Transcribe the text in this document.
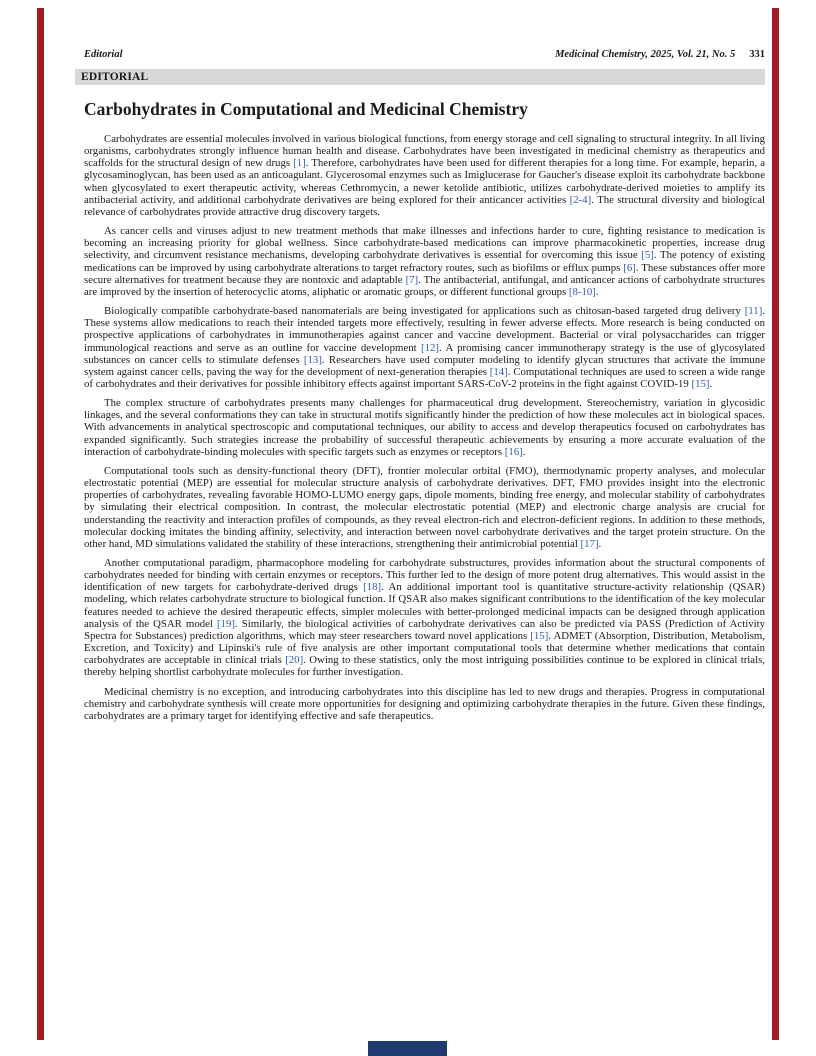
Editorial	Medicinal Chemistry, 2025, Vol. 21, No. 5 331
EDITORIAL
Carbohydrates in Computational and Medicinal Chemistry

Carbohydrates are essential molecules involved in various biological functions, from energy storage and cell signaling to structural integrity. In all living organisms, carbohydrates strongly influence human health and disease. Carbohydrates have been investigated in medicinal chemistry as therapeutics and scaffolds for the structural design of new drugs [1]. Therefore, carbohydrates have been used for different therapies for a long time. For example, heparin, a glycosaminoglycan, has been used as an anticoagulant. Glycerosomal enzymes such as Imiglucerase for Gaucher's disease exploit its carbohydrate backbone when glycosylated to exert therapeutic activity, whereas Cethromycin, a newer ketolide antibiotic, utilizes carbohydrate-derived moieties to amplify its antibacterial activity, and additional carbohydrate derivatives are being explored for their anticancer activities [2-4]. The structural diversity and biological relevance of carbohydrates provide attractive drug discovery targets.

As cancer cells and viruses adjust to new treatment methods that make illnesses and infections harder to cure, fighting resistance to medication is becoming an increasing priority for global wellness. Since carbohydrate-based medications can improve pharmacokinetic properties, increase drug selectivity, and circumvent resistance mechanisms, developing carbohydrate derivatives is essential for overcoming this issue [5]. The potency of existing medications can be improved by using carbohydrate alterations to target refractory routes, such as biofilms or efflux pumps [6]. These substances offer more secure alternatives for treatment because they are nontoxic and adaptable [7]. The antibacterial, antifungal, and anticancer actions of carbohydrate structures are improved by the insertion of heterocyclic atoms, aliphatic or aromatic groups, or different functional groups [8-10].

Biologically compatible carbohydrate-based nanomaterials are being investigated for applications such as chitosan-based targeted drug delivery [11]. These systems allow medications to reach their intended targets more effectively, resulting in fewer adverse effects. More research is being conducted on prospective applications of carbohydrates in immunotherapies against cancer and vaccine development. Bacterial or viral polysaccharides can trigger immunological reactions and serve as an outline for vaccine development [12]. A promising cancer immunotherapy strategy is the use of glycosylated substances on cancer cells to stimulate defenses [13]. Researchers have used computer modeling to identify glycan structures that activate the immune system against cancer cells, paving the way for the development of next-generation therapies [14]. Computational techniques are used to screen a wide range of carbohydrates and their derivatives for possible inhibitory effects against important SARS-CoV-2 proteins in the fight against COVID-19 [15].

The complex structure of carbohydrates presents many challenges for pharmaceutical drug development. Stereochemistry, variation in glycosidic linkages, and the several conformations they can take in structural motifs significantly hinder the prediction of how these molecules act in biological spaces. With advancements in analytical spectroscopic and computational techniques, our ability to access and develop therapeutics focused on carbohydrates has expanded significantly. Such strategies increase the probability of successful therapeutic achievements by ensuring a more accurate evaluation of the interaction of carbohydrate-binding molecules with specific targets such as enzymes or receptors [16].

Computational tools such as density-functional theory (DFT), frontier molecular orbital (FMO), thermodynamic property analyses, and molecular electrostatic potential (MEP) are essential for molecular structure analysis of carbohydrate derivatives. DFT, FMO provides insight into the electronic properties of carbohydrates, revealing favorable HOMO-LUMO energy gaps, dipole moments, binding free energy, and molecular stability of carbohydrates by simulating their electrical composition. In contrast, the molecular electrostatic potential (MEP) and electronic charge analysis are crucial for understanding the reactivity and interaction profiles of compounds, as they reveal electron-rich and electron-deficient regions. In addition to these methods, molecular docking imitates the binding affinity, selectivity, and interaction between novel carbohydrate derivatives and the target protein structure. On the other hand, MD simulations validated the stability of these interactions, strengthening their antimicrobial potential [17].

Another computational paradigm, pharmacophore modeling for carbohydrate substructures, provides information about the structural components of carbohydrates needed for binding with certain enzymes or receptors. This further led to the design of more potent drug alternatives. This would assist in the identification of new targets for carbohydrate-derived drugs [18]. An additional important tool is quantitative structure-activity relationship (QSAR) modeling, which relates carbohydrate structure to biological function. If QSAR also makes significant contributions to the identification of the key molecular features needed to achieve the desired therapeutic effects, simpler molecules with better-prolonged medicinal impacts can be designed through application analysis of the QSAR model [19]. Similarly, the biological activities of carbohydrate derivatives can also be predicted via PASS (Prediction of Activity Spectra for Substances) prediction algorithms, which may steer researchers toward novel applications [15]. ADMET (Absorption, Distribution, Metabolism, Excretion, and Toxicity) and Lipinski's rule of five analysis are other important computational tools that determine whether medications that contain carbohydrates are acceptable in clinical trials [20]. Owing to these statistics, only the most intriguing possibilities continue to be explored in clinical trials, thereby helping shortlist carbohydrate molecules for further investigation.

Medicinal chemistry is no exception, and introducing carbohydrates into this discipline has led to new drugs and therapies. Progress in computational chemistry and carbohydrate synthesis will create more opportunities for designing and optimizing carbohydrate therapies in the future. Given these findings, carbohydrates are a primary target for identifying effective and safe therapeutics.
